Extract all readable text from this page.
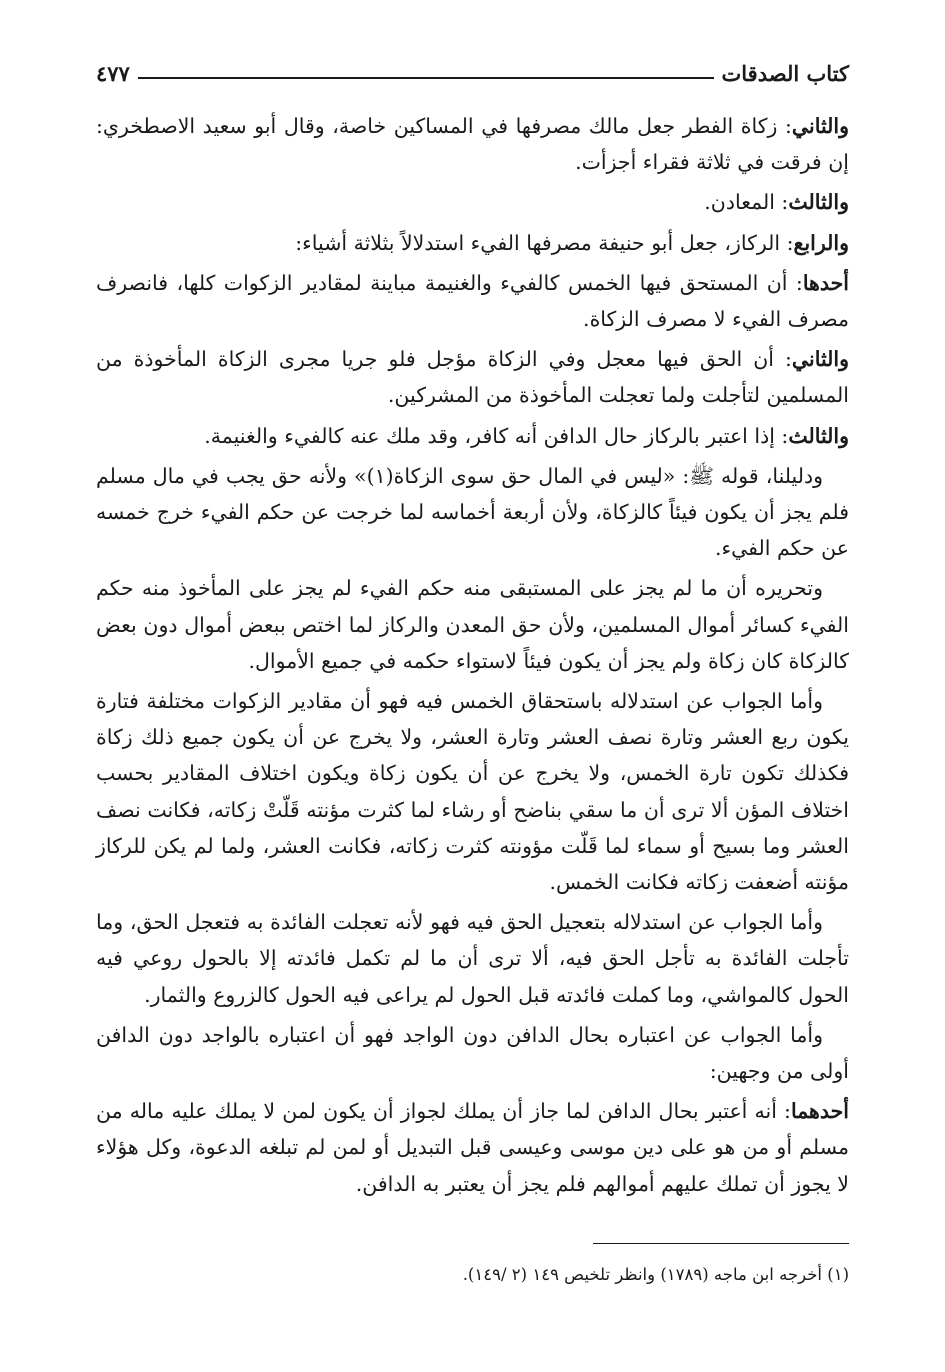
كتاب الصدقات
٤٧٧

والثاني: زكاة الفطر جعل مالك مصرفها في المساكين خاصة، وقال أبو سعيد الاصطخري: إن فرقت في ثلاثة فقراء أجزأت.

والثالث: المعادن.

والرابع: الركاز، جعل أبو حنيفة مصرفها الفيء استدلالاً بثلاثة أشياء:

أحدها: أن المستحق فيها الخمس كالفيء والغنيمة مباينة لمقادير الزكوات كلها، فانصرف مصرف الفيء لا مصرف الزكاة.

والثاني: أن الحق فيها معجل وفي الزكاة مؤجل فلو جريا مجرى الزكاة المأخوذة من المسلمين لتأجلت ولما تعجلت المأخوذة من المشركين.

والثالث: إذا اعتبر بالركاز حال الدافن أنه كافر، وقد ملك عنه كالفيء والغنيمة.

ودليلنا، قوله ﷺ: «ليس في المال حق سوى الزكاة(١)» ولأنه حق يجب في مال مسلم فلم يجز أن يكون فيئاً كالزكاة، ولأن أربعة أخماسه لما خرجت عن حكم الفيء خرج خمسه عن حكم الفيء.

وتحريره أن ما لم يجز على المستبقى منه حكم الفيء لم يجز على المأخوذ منه حكم الفيء كسائر أموال المسلمين، ولأن حق المعدن والركاز لما اختص ببعض أموال دون بعض كالزكاة كان زكاة ولم يجز أن يكون فيئاً لاستواء حكمه في جميع الأموال.

وأما الجواب عن استدلاله باستحقاق الخمس فيه فهو أن مقادير الزكوات مختلفة فتارة يكون ربع العشر وتارة نصف العشر وتارة العشر، ولا يخرج عن أن يكون جميع ذلك زكاة فكذلك تكون تارة الخمس، ولا يخرج عن أن يكون زكاة ويكون اختلاف المقادير بحسب اختلاف المؤن ألا ترى أن ما سقي بناضح أو رشاء لما كثرت مؤنته قَلّتْ زكاته، فكانت نصف العشر وما بسيح أو سماء لما قَلّت مؤونته كثرت زكاته، فكانت العشر، ولما لم يكن للركاز مؤنته أضعفت زكاته فكانت الخمس.

وأما الجواب عن استدلاله بتعجيل الحق فيه فهو لأنه تعجلت الفائدة به فتعجل الحق، وما تأجلت الفائدة به تأجل الحق فيه، ألا ترى أن ما لم تكمل فائدته إلا بالحول روعي فيه الحول كالمواشي، وما كملت فائدته قبل الحول لم يراعى فيه الحول كالزروع والثمار.

وأما الجواب عن اعتباره بحال الدافن دون الواجد فهو أن اعتباره بالواجد دون الدافن أولى من وجهين:

أحدهما: أنه أعتبر بحال الدافن لما جاز أن يملك لجواز أن يكون لمن لا يملك عليه ماله من مسلم أو من هو على دين موسى وعيسى قبل التبديل أو لمن لم تبلغه الدعوة، وكل هؤلاء لا يجوز أن تملك عليهم أموالهم فلم يجز أن يعتبر به الدافن.

(١) أخرجه ابن ماجه (١٧٨٩) وانظر تلخيص ١٤٩ (٢ /١٤٩).
